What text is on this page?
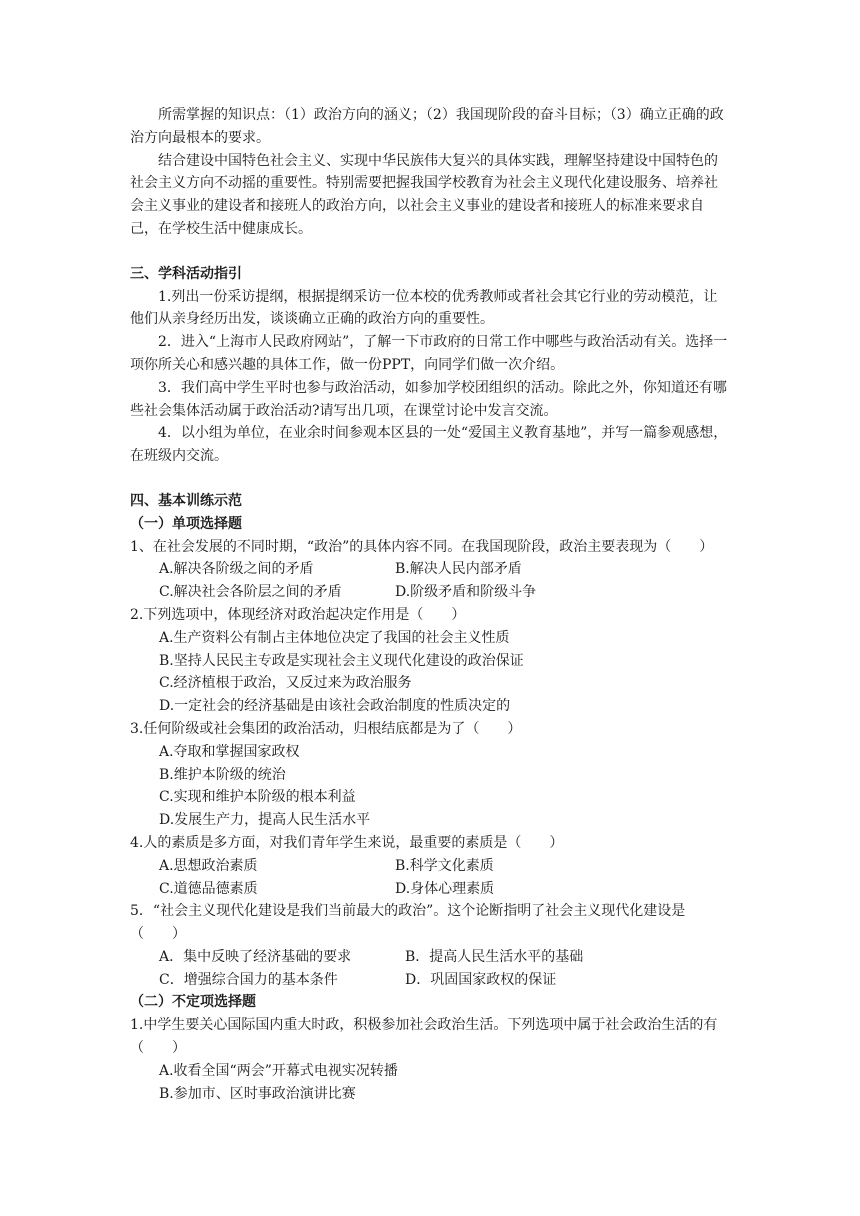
所需掌握的知识点：（1）政治方向的涵义；（2）我国现阶段的奋斗目标；（3）确立正确的政治方向最根本的要求。

结合建设中国特色社会主义、实现中华民族伟大复兴的具体实践，理解坚持建设中国特色的社会主义方向不动摇的重要性。特别需要把握我国学校教育为社会主义现代化建设服务、培养社会主义事业的建设者和接班人的政治方向，以社会主义事业的建设者和接班人的标准来要求自己，在学校生活中健康成长。

三、学科活动指引

1.列出一份采访提纲，根据提纲采访一位本校的优秀教师或者社会其它行业的劳动模范，让他们从亲身经历出发，谈谈确立正确的政治方向的重要性。

2．进入“上海市人民政府网站”，了解一下市政府的日常工作中哪些与政治活动有关。选择一项你所关心和感兴趣的具体工作，做一份PPT，向同学们做一次介绍。

3．我们高中学生平时也参与政治活动，如参加学校团组织的活动。除此之外，你知道还有哪些社会集体活动属于政治活动?请写出几项，在课堂讨论中发言交流。

4．以小组为单位，在业余时间参观本区县的一处“爱国主义教育基地”，并写一篇参观感想，在班级内交流。

四、基本训练示范

（一）单项选择题

1、在社会发展的不同时期，“政治”的具体内容不同。在我国现阶段，政治主要表现为（　　）

A.解决各阶级之间的矛盾	B.解决人民内部矛盾
C.解决社会各阶层之间的矛盾	D.阶级矛盾和阶级斗争

2.下列选项中，体现经济对政治起决定作用是（　　）

A.生产资料公有制占主体地位决定了我国的社会主义性质

B.坚持人民民主专政是实现社会主义现代化建设的政治保证

C.经济植根于政治，又反过来为政治服务

D.一定社会的经济基础是由该社会政治制度的性质决定的

3.任何阶级或社会集团的政治活动，归根结底都是为了（　　）

A.夺取和掌握国家政权

B.维护本阶级的统治

C.实现和维护本阶级的根本利益

D.发展生产力，提高人民生活水平

4.人的素质是多方面，对我们青年学生来说，最重要的素质是（　　）

A.思想政治素质	B.科学文化素质
C.道德品德素质	D.身体心理素质

5．“社会主义现代化建设是我们当前最大的政治”。这个论断指明了社会主义现代化建设是（　　）

A．集中反映了经济基础的要求	B．提高人民生活水平的基础
C．增强综合国力的基本条件	D．巩固国家政权的保证

（二）不定项选择题

1.中学生要关心国际国内重大时政，积极参加社会政治生活。下列选项中属于社会政治生活的有（　　）

A.收看全国“两会”开幕式电视实况转播

B.参加市、区时事政治演讲比赛
